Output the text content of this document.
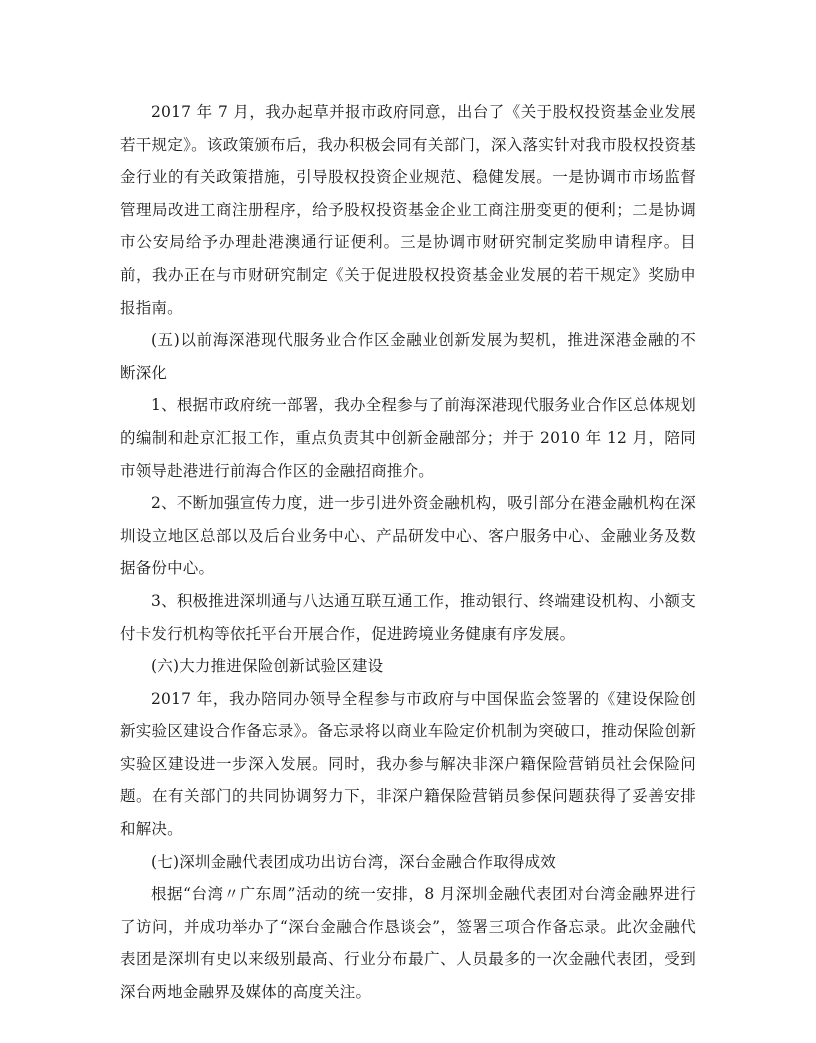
2017 年 7 月，我办起草并报市政府同意，出台了《关于股权投资基金业发展若干规定》。该政策颁布后，我办积极会同有关部门，深入落实针对我市股权投资基金行业的有关政策措施，引导股权投资企业规范、稳健发展。一是协调市市场监督管理局改进工商注册程序，给予股权投资基金企业工商注册变更的便利；二是协调市公安局给予办理赴港澳通行证便利。三是协调市财研究制定奖励申请程序。目前，我办正在与市财研究制定《关于促进股权投资基金业发展的若干规定》奖励申报指南。

(五)以前海深港现代服务业合作区金融业创新发展为契机，推进深港金融的不断深化

1、根据市政府统一部署，我办全程参与了前海深港现代服务业合作区总体规划的编制和赴京汇报工作，重点负责其中创新金融部分；并于 2010 年 12 月，陪同市领导赴港进行前海合作区的金融招商推介。

2、不断加强宣传力度，进一步引进外资金融机构，吸引部分在港金融机构在深圳设立地区总部以及后台业务中心、产品研发中心、客户服务中心、金融业务及数据备份中心。

3、积极推进深圳通与八达通互联互通工作，推动银行、终端建设机构、小额支付卡发行机构等依托平台开展合作，促进跨境业务健康有序发展。

(六)大力推进保险创新试验区建设

2017 年，我办陪同办领导全程参与市政府与中国保监会签署的《建设保险创新实验区建设合作备忘录》。备忘录将以商业车险定价机制为突破口，推动保险创新实验区建设进一步深入发展。同时，我办参与解决非深户籍保险营销员社会保险问题。在有关部门的共同协调努力下，非深户籍保险营销员参保问题获得了妥善安排和解决。

(七)深圳金融代表团成功出访台湾，深台金融合作取得成效

根据“台湾〃广东周”活动的统一安排，8 月深圳金融代表团对台湾金融界进行了访问，并成功举办了“深台金融合作恳谈会”，签署三项合作备忘录。此次金融代表团是深圳有史以来级别最高、行业分布最广、人员最多的一次金融代表团，受到深台两地金融界及媒体的高度关注。
